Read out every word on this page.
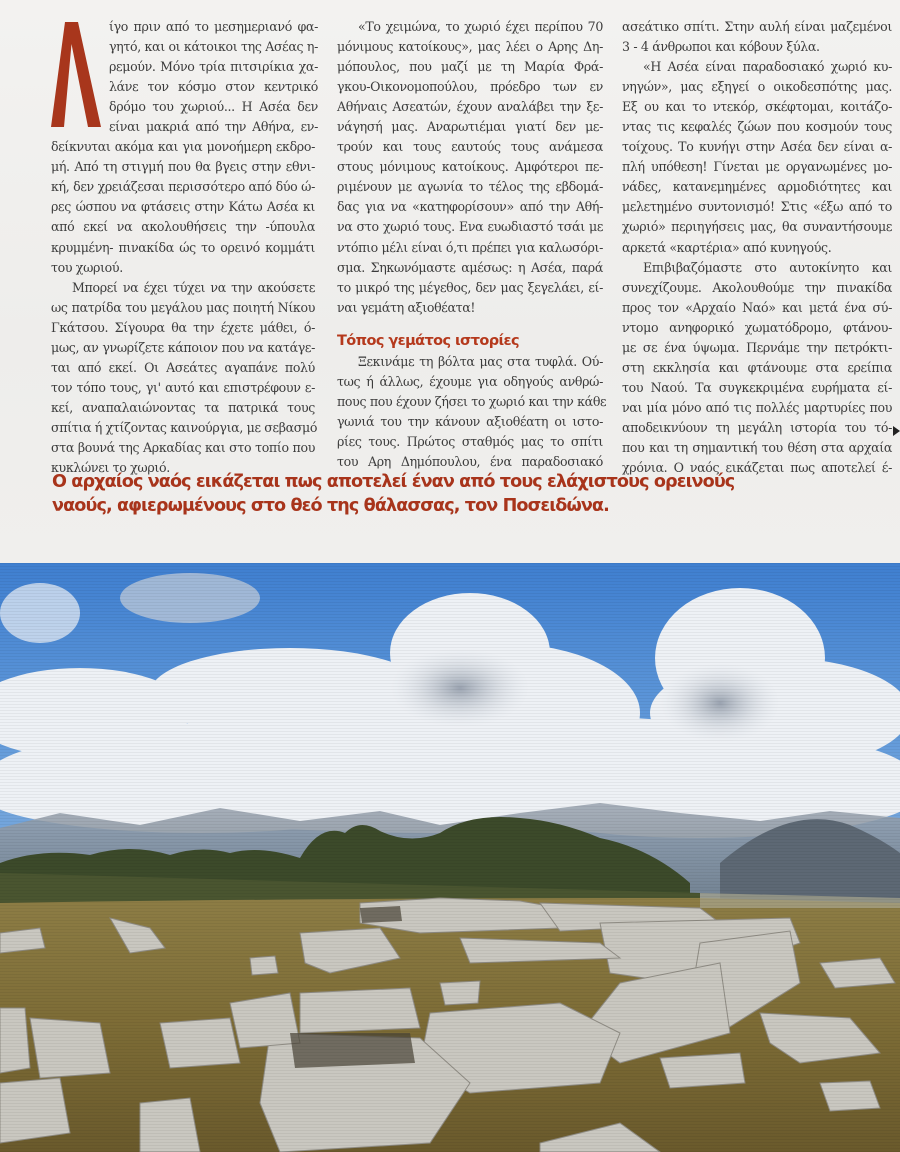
ίγο πριν από το μεσημεριανό φα-
γητό, και οι κάτοικοι της Ασέας η-
ρεμούν. Μόνο τρία πιτσιρίκια χα-
λάνε τον κόσμο στον κεντρικό
δρόμο του χωριού... Η Ασέα δεν
είναι μακριά από την Αθήνα, εν-
δείκνυται ακόμα και για μονοήμερη εκδρο-
μή. Από τη στιγμή που θα βγεις στην εθνι-
κή, δεν χρειάζεσαι περισσότερο από δύο ώ-
ρες ώσπου να φτάσεις στην Κάτω Ασέα κι
από εκεί να ακολουθήσεις την -ύπουλα
κρυμμένη- πινακίδα ώς το ορεινό κομμάτι
του χωριού.
Μπορεί να έχει τύχει να την ακούσετε
ως πατρίδα του μεγάλου μας ποιητή Νίκου
Γκάτσου. Σίγουρα θα την έχετε μάθει, ό-
μως, αν γνωρίζετε κάποιον που να κατάγε-
ται από εκεί. Οι Ασεάτες αγαπάνε πολύ
τον τόπο τους, γι' αυτό και επιστρέφουν ε-
κεί, αναπαλαιώνοντας τα πατρικά τους
σπίτια ή χτίζοντας καινούργια, με σεβασμό
στα βουνά της Αρκαδίας και στο τοπίο που
κυκλώνει το χωριό.
«Το χειμώνα, το χωριό έχει περίπου 70
μόνιμους κατοίκους», μας λέει ο Αρης Δη-
μόπουλος, που μαζί με τη Μαρία Φρά-
γκου-Οικονομοπούλου, πρόεδρο των εν
Αθήναις Ασεατών, έχουν αναλάβει την ξε-
νάγησή μας. Αναρωτιέμαι γιατί δεν με-
τρούν και τους εαυτούς τους ανάμεσα
στους μόνιμους κατοίκους. Αμφότεροι πε-
ριμένουν με αγωνία το τέλος της εβδομά-
δας για να «κατηφορίσουν» από την Αθή-
να στο χωριό τους. Ενα ευωδιαστό τσάι με
ντόπιο μέλι είναι ό,τι πρέπει για καλωσόρι-
σμα. Σηκωνόμαστε αμέσως: η Ασέα, παρά
το μικρό της μέγεθος, δεν μας ξεγελάει, εί-
ναι γεμάτη αξιοθέατα!
Τόπος γεμάτος ιστορίες
Ξεκινάμε τη βόλτα μας στα τυφλά. Ού-
τως ή άλλως, έχουμε για οδηγούς ανθρώ-
πους που έχουν ζήσει το χωριό και την κάθε
γωνιά του την κάνουν αξιοθέατη οι ιστο-
ρίες τους. Πρώτος σταθμός μας το σπίτι
του Αρη Δημόπουλου, ένα παραδοσιακό
ασεάτικο σπίτι. Στην αυλή είναι μαζεμένοι
3 - 4 άνθρωποι και κόβουν ξύλα.
«Η Ασέα είναι παραδοσιακό χωριό κυ-
νηγών», μας εξηγεί ο οικοδεσπότης μας.
Εξ ου και το ντεκόρ, σκέφτομαι, κοιτάζο-
ντας τις κεφαλές ζώων που κοσμούν τους
τοίχους. Το κυνήγι στην Ασέα δεν είναι α-
πλή υπόθεση! Γίνεται με οργανωμένες μο-
νάδες, κατανεμημένες αρμοδιότητες και
μελετημένο συντονισμό! Στις «έξω από το
χωριό» περιηγήσεις μας, θα συναντήσουμε
αρκετά «καρτέρια» από κυνηγούς.
Επιβιβαζόμαστε στο αυτοκίνητο και
συνεχίζουμε. Ακολουθούμε την πινακίδα
προς τον «Αρχαίο Ναό» και μετά ένα σύ-
ντομο ανηφορικό χωματόδρομο, φτάνου-
με σε ένα ύψωμα. Περνάμε την πετρόκτι-
στη εκκλησία και φτάνουμε στα ερείπια
του Ναού. Τα συγκεκριμένα ευρήματα εί-
ναι μία μόνο από τις πολλές μαρτυρίες που
αποδεικνύουν τη μεγάλη ιστορία του τό-
που και τη σημαντική του θέση στα αρχαία
χρόνια. Ο ναός εικάζεται πως αποτελεί έ-
Ο αρχαίος ναός εικάζεται πως αποτελεί έναν από τους ελάχιστους ορεινούς
ναούς, αφιερωμένους στο θεό της θάλασσας, τον Ποσειδώνα.
